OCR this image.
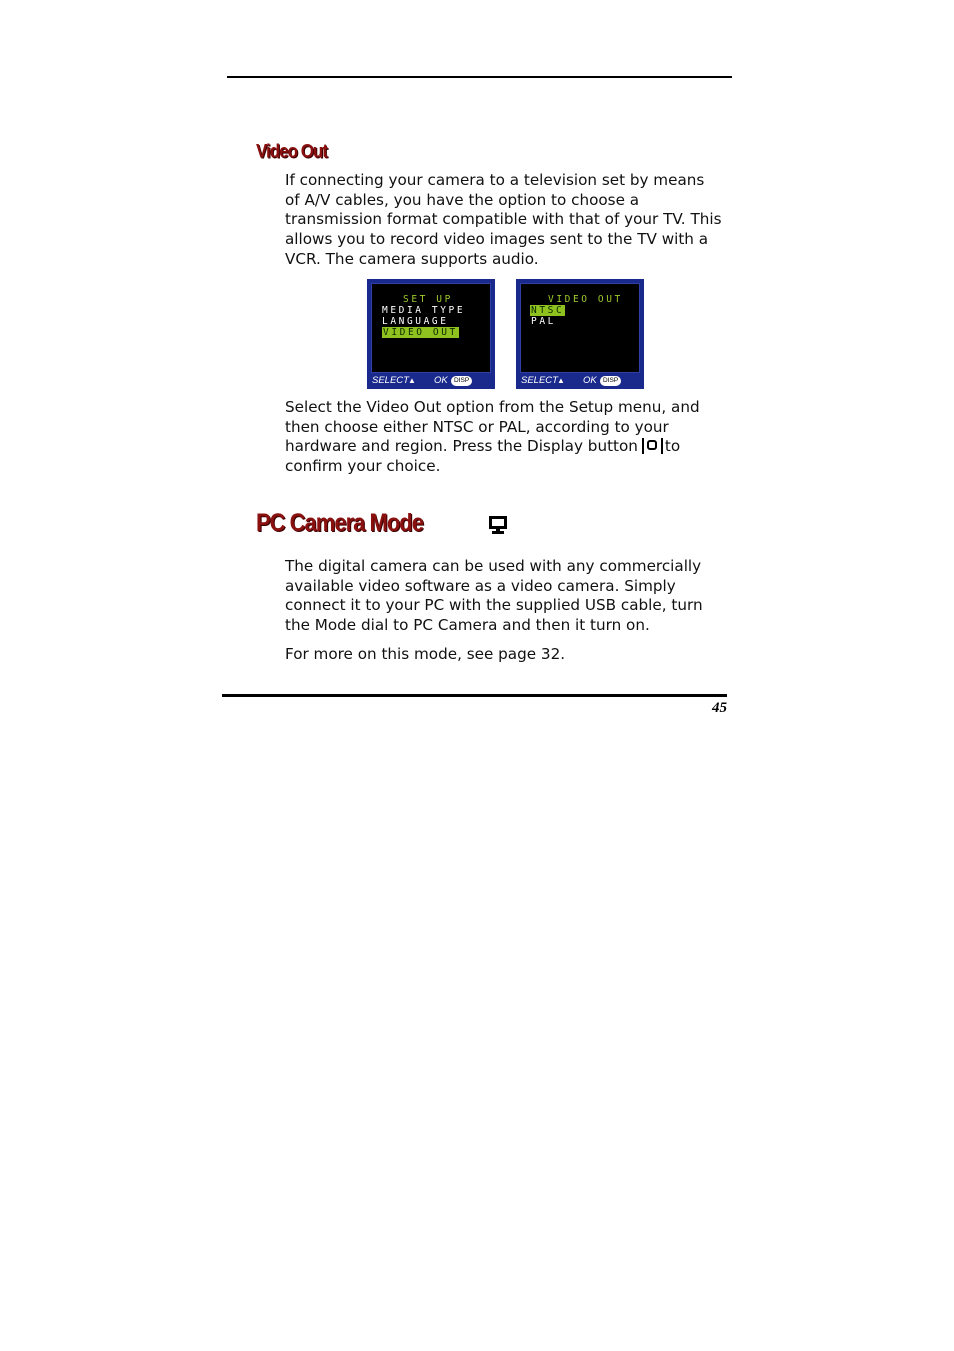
Video Out
If connecting your camera to a television set by means
of A/V cables, you have the option to choose a
transmission format compatible with that of your TV. This
allows you to record video images sent to the TV with a
VCR. The camera supports audio.
SET UP
MEDIA TYPE
LANGUAGE
VIDEO OUT
SELECT ▲ OK DISP
VIDEO OUT
NTSC
PAL
SELECT ▲ OK DISP
Select the Video Out option from the Setup menu, and
then choose either NTSC or PAL, according to your
hardware and region. Press the Display button to
confirm your choice.
PC Camera Mode
The digital camera can be used with any commercially
available video software as a video camera. Simply
connect it to your PC with the supplied USB cable, turn
the Mode dial to PC Camera and then it turn on.
For more on this mode, see page 32.
45
